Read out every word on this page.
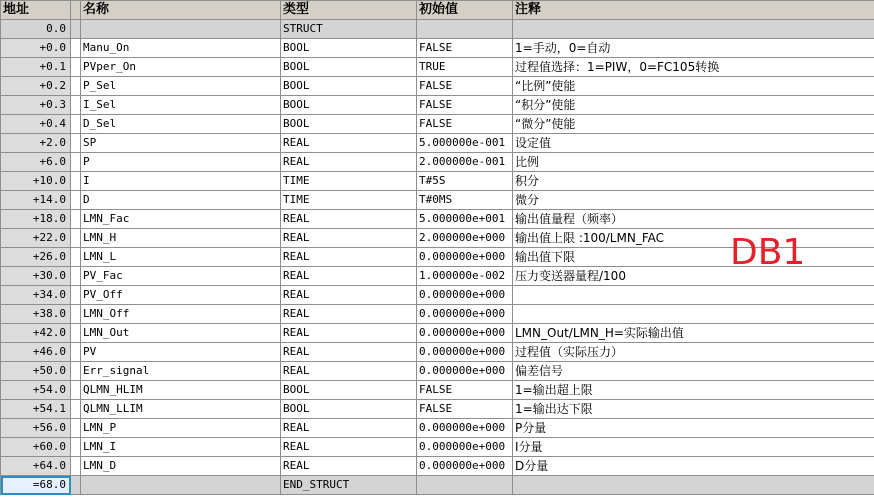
地址		名称	类型	初始值	注释
0.0			STRUCT		
+0.0		Manu_On	BOOL	FALSE	1=手动，0=自动
+0.1		PVper_On	BOOL	TRUE	过程值选择：1=PIW，0=FC105转换
+0.2		P_Sel	BOOL	FALSE	“比例”使能
+0.3		I_Sel	BOOL	FALSE	“积分”使能
+0.4		D_Sel	BOOL	FALSE	“微分”使能
+2.0		SP	REAL	5.000000e-001	设定值
+6.0		P	REAL	2.000000e-001	比例
+10.0		I	TIME	T#5S	积分
+14.0		D	TIME	T#0MS	微分
+18.0		LMN_Fac	REAL	5.000000e+001	输出值量程（频率）
+22.0		LMN_H	REAL	2.000000e+000	输出值上限 :100/LMN_FAC
+26.0		LMN_L	REAL	0.000000e+000	输出值下限
+30.0		PV_Fac	REAL	1.000000e-002	压力变送器量程/100
+34.0		PV_Off	REAL	0.000000e+000	
+38.0		LMN_Off	REAL	0.000000e+000	
+42.0		LMN_Out	REAL	0.000000e+000	LMN_Out/LMN_H=实际输出值
+46.0		PV	REAL	0.000000e+000	过程值（实际压力）
+50.0		Err_signal	REAL	0.000000e+000	偏差信号
+54.0		QLMN_HLIM	BOOL	FALSE	1=输出超上限
+54.1		QLMN_LLIM	BOOL	FALSE	1=输出达下限
+56.0		LMN_P	REAL	0.000000e+000	P分量
+60.0		LMN_I	REAL	0.000000e+000	I分量
+64.0		LMN_D	REAL	0.000000e+000	D分量
=68.0			END_STRUCT		
DB1
